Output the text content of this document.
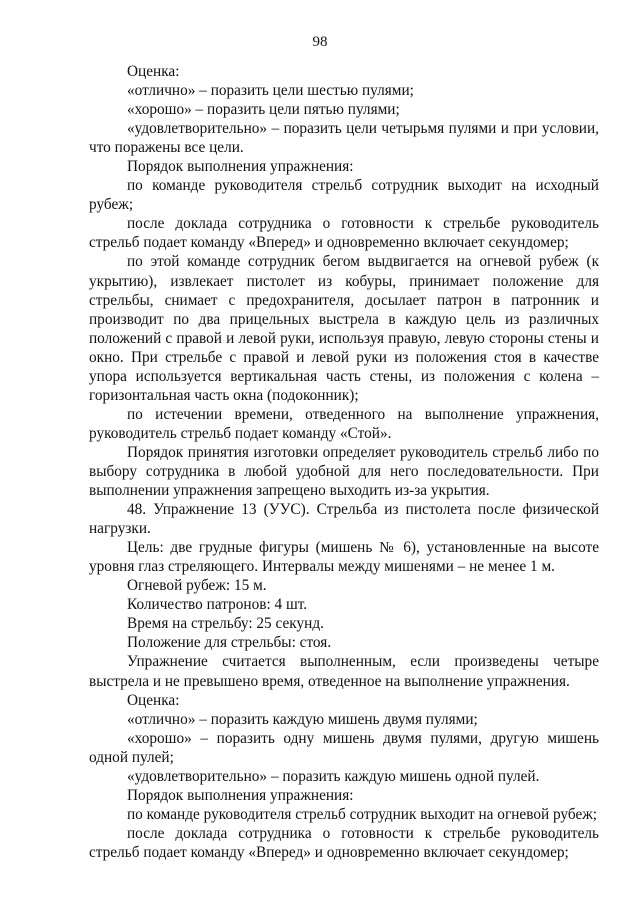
98

Оценка:

«отлично» – поразить цели шестью пулями;

«хорошо» – поразить цели пятью пулями;

«удовлетворительно» – поразить цели четырьмя пулями и при условии, что поражены все цели.

Порядок выполнения упражнения:

по команде руководителя стрельб сотрудник выходит на исходный рубеж;

после доклада сотрудника о готовности к стрельбе руководитель стрельб подает команду «Вперед» и одновременно включает секундомер;

по этой команде сотрудник бегом выдвигается на огневой рубеж (к укрытию), извлекает пистолет из кобуры, принимает положение для стрельбы, снимает с предохранителя, досылает патрон в патронник и производит по два прицельных выстрела в каждую цель из различных положений с правой и левой руки, используя правую, левую стороны стены и окно. При стрельбе с правой и левой руки из положения стоя в качестве упора используется вертикальная часть стены, из положения с колена – горизонтальная часть окна (подоконник);

по истечении времени, отведенного на выполнение упражнения, руководитель стрельб подает команду «Стой».

Порядок принятия изготовки определяет руководитель стрельб либо по выбору сотрудника в любой удобной для него последовательности. При выполнении упражнения запрещено выходить из-за укрытия.

48. Упражнение 13 (УУС). Стрельба из пистолета после физической нагрузки.

Цель: две грудные фигуры (мишень № 6), установленные на высоте уровня глаз стреляющего. Интервалы между мишенями – не менее 1 м.

Огневой рубеж: 15 м.

Количество патронов: 4 шт.

Время на стрельбу: 25 секунд.

Положение для стрельбы: стоя.

Упражнение считается выполненным, если произведены четыре выстрела и не превышено время, отведенное на выполнение упражнения.

Оценка:

«отлично» – поразить каждую мишень двумя пулями;

«хорошо» – поразить одну мишень двумя пулями, другую мишень одной пулей;

«удовлетворительно» – поразить каждую мишень одной пулей.

Порядок выполнения упражнения:

по команде руководителя стрельб сотрудник выходит на огневой рубеж;

после доклада сотрудника о готовности к стрельбе руководитель стрельб подает команду «Вперед» и одновременно включает секундомер;
